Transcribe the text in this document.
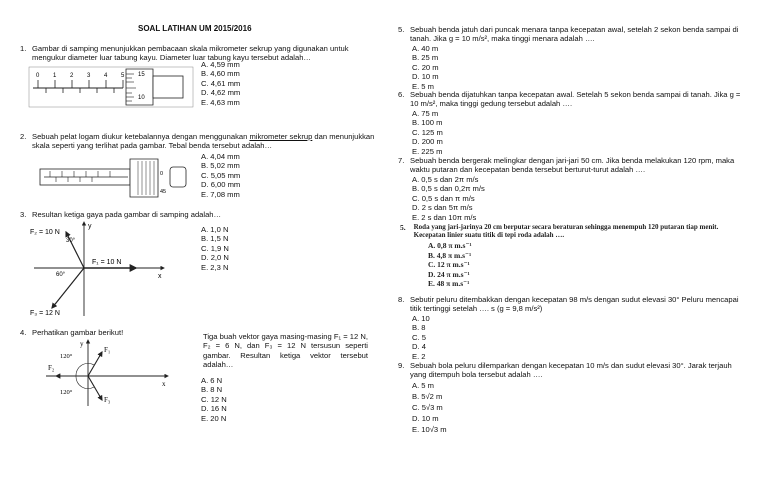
SOAL LATIHAN UM 2015/2016
1. Gambar di samping menunjukkan pembacaan skala mikrometer sekrup yang digunakan untuk mengukur diameter luar tabung kayu. Diameter luar tabung kayu tersebut adalah…
A. 4,59 mm
B. 4,60 mm
C. 4,61 mm
D. 4,62 mm
E. 4,63 mm
0 1 2 3 4 5 15
10
2. Sebuah pelat logam diukur ketebalannya dengan menggunakan mikrometer sekrup dan menunjukkan skala seperti yang terlihat pada gambar. Tebal benda tersebut adalah…
A. 4,04 mm
B. 5,02 mm
C. 5,05 mm
D. 6,00 mm
E. 7,08 mm
0
45
3. Resultan ketiga gaya pada gambar di samping adalah…
A. 1,0 N
B. 1,5 N
C. 1,9 N
D. 2,0 N
E. 2,3 N
x
y
F₂ = 10 N
F₁ = 10 N
F₃ = 12 N
30°
60°
4. Perhatikan gambar berikut!	Tiga buah vektor gaya masing-masing F₁ = 12 N, F₂ = 6 N, dan F₃ = 12 N tersusun seperti gambar. Resultan ketiga vektor tersebut adalah…
A. 6 N
B. 8 N
C. 12 N
D. 16 N
E. 20 N
x
y
F₁
F₂
F₃
120°
120°
5. Sebuah benda jatuh dari puncak menara tanpa kecepatan awal, setelah 2 sekon benda sampai di tanah. Jika g = 10 m/s², maka tinggi menara adalah ….
A. 40 m
B. 25 m
C. 20 m
D. 10 m
E. 5 m
6. Sebuah benda dijatuhkan tanpa kecepatan awal. Setelah 5 sekon benda sampai di tanah. Jika g = 10 m/s², maka tinggi gedung tersebut adalah ….
A. 75 m
B. 100 m
C. 125 m
D. 200 m
E. 225 m
7. Sebuah benda bergerak melingkar dengan jari-jari 50 cm. Jika benda melakukan 120 rpm, maka waktu putaran dan kecepatan benda tersebut berturut-turut adalah ….
A. 0,5 s dan 2π m/s
B. 0,5 s dan 0,2π m/s
C. 0,5 s dan π m/s
D. 2 s dan 5π m/s
E. 2 s dan 10π m/s
5. Roda yang jari-jarinya 20 cm berputar secara beraturan sehingga menempuh 120 putaran tiap menit. Kecepatan linier suatu titik di tepi roda adalah ….
A. 0,8 π m.s⁻¹
B. 4,8 π m.s⁻¹
C. 12 π m.s⁻¹
D. 24 π m.s⁻¹
E. 48 π m.s⁻¹
8. Sebutir peluru ditembakkan dengan kecepatan 98 m/s dengan sudut elevasi 30° Peluru mencapai titik tertinggi setelah …. s (g = 9,8 m/s²)
A. 10
B. 8
C. 5
D. 4
E. 2
9. Sebuah bola peluru dilemparkan dengan kecepatan 10 m/s dan sudut elevasi 30°. Jarak terjauh yang ditempuh bola tersebut adalah ….
A. 5 m
B. 5√2 m
C. 5√3 m
D. 10 m
E. 10√3 m
